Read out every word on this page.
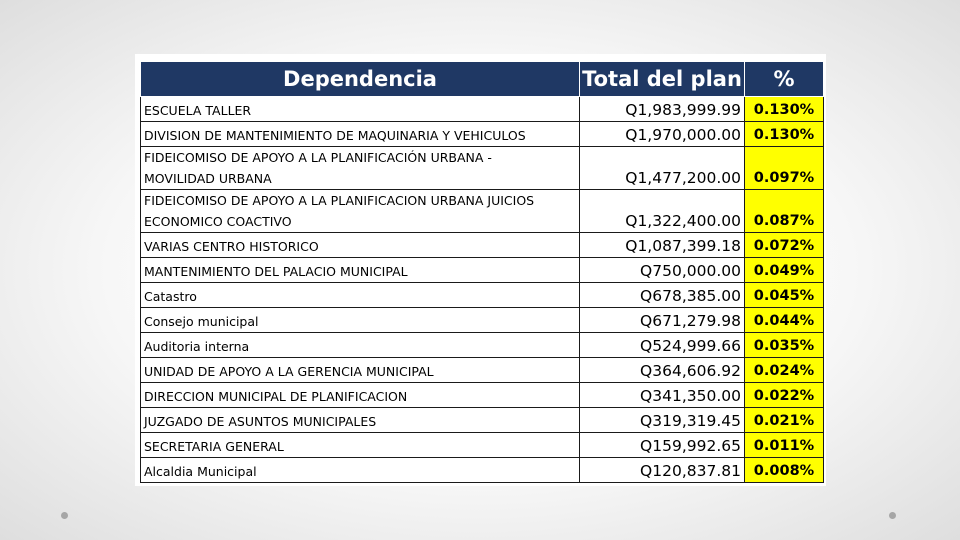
Dependencia	Total del plan	%
ESCUELA TALLER	Q1,983,999.99	0.130%
DIVISION DE MANTENIMIENTO DE MAQUINARIA Y VEHICULOS	Q1,970,000.00	0.130%

FIDEICOMISO DE APOYO A LA PLANIFICACIÓN URBANA -
MOVILIDAD URBANA	Q1,477,200.00	0.097%

FIDEICOMISO DE APOYO A LA PLANIFICACION URBANA JUICIOS
ECONOMICO COACTIVO	Q1,322,400.00	0.087%
VARIAS CENTRO HISTORICO	Q1,087,399.18	0.072%
MANTENIMIENTO DEL PALACIO MUNICIPAL	Q750,000.00	0.049%
Catastro	Q678,385.00	0.045%
Consejo municipal	Q671,279.98	0.044%
Auditoria interna	Q524,999.66	0.035%
UNIDAD DE APOYO A LA GERENCIA MUNICIPAL	Q364,606.92	0.024%
DIRECCION MUNICIPAL DE PLANIFICACION	Q341,350.00	0.022%
JUZGADO DE ASUNTOS MUNICIPALES	Q319,319.45	0.021%
SECRETARIA GENERAL	Q159,992.65	0.011%
Alcaldia Municipal	Q120,837.81	0.008%
